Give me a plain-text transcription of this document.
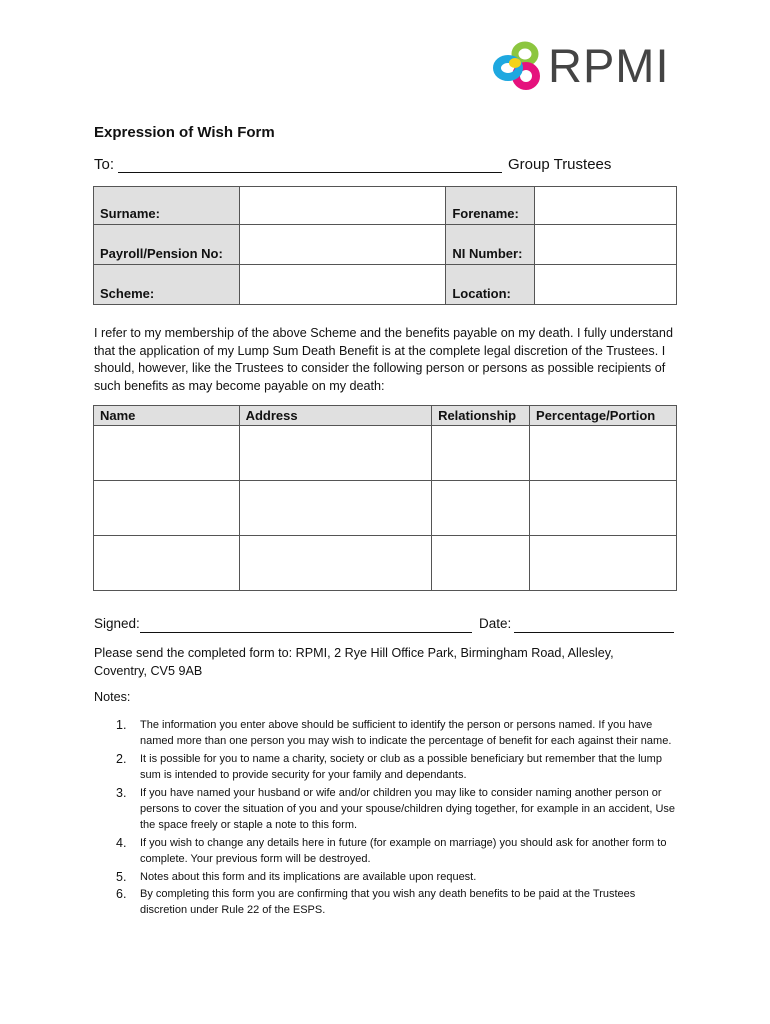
RPMI
Expression of Wish Form
To:	Group Trustees
Surname:		Forename:	
Payroll/Pension No:		NI Number:	
Scheme:		Location:	
I refer to my membership of the above Scheme and the benefits payable on my death. I fully understand that the application of my Lump Sum Death Benefit is at the complete legal discretion of the Trustees. I should, however, like the Trustees to consider the following person or persons as possible recipients of such benefits as may become payable on my death:
Name	Address	Relationship	Percentage/Portion

Signed:	Date:
Please send the completed form to: RPMI, 2 Rye Hill Office Park, Birmingham Road, Allesley, Coventry, CV5 9AB
Notes:
1. The information you enter above should be sufficient to identify the person or persons named. If you have named more than one person you may wish to indicate the percentage of benefit for each against their name.
2. It is possible for you to name a charity, society or club as a possible beneficiary but remember that the lump sum is intended to provide security for your family and dependants.
3. If you have named your husband or wife and/or children you may like to consider naming another person or persons to cover the situation of you and your spouse/children dying together, for example in an accident, Use the space freely or staple a note to this form.
4. If you wish to change any details here in future (for example on marriage) you should ask for another form to complete. Your previous form will be destroyed.
5. Notes about this form and its implications are available upon request.
6. By completing this form you are confirming that you wish any death benefits to be paid at the Trustees discretion under Rule 22 of the ESPS.
